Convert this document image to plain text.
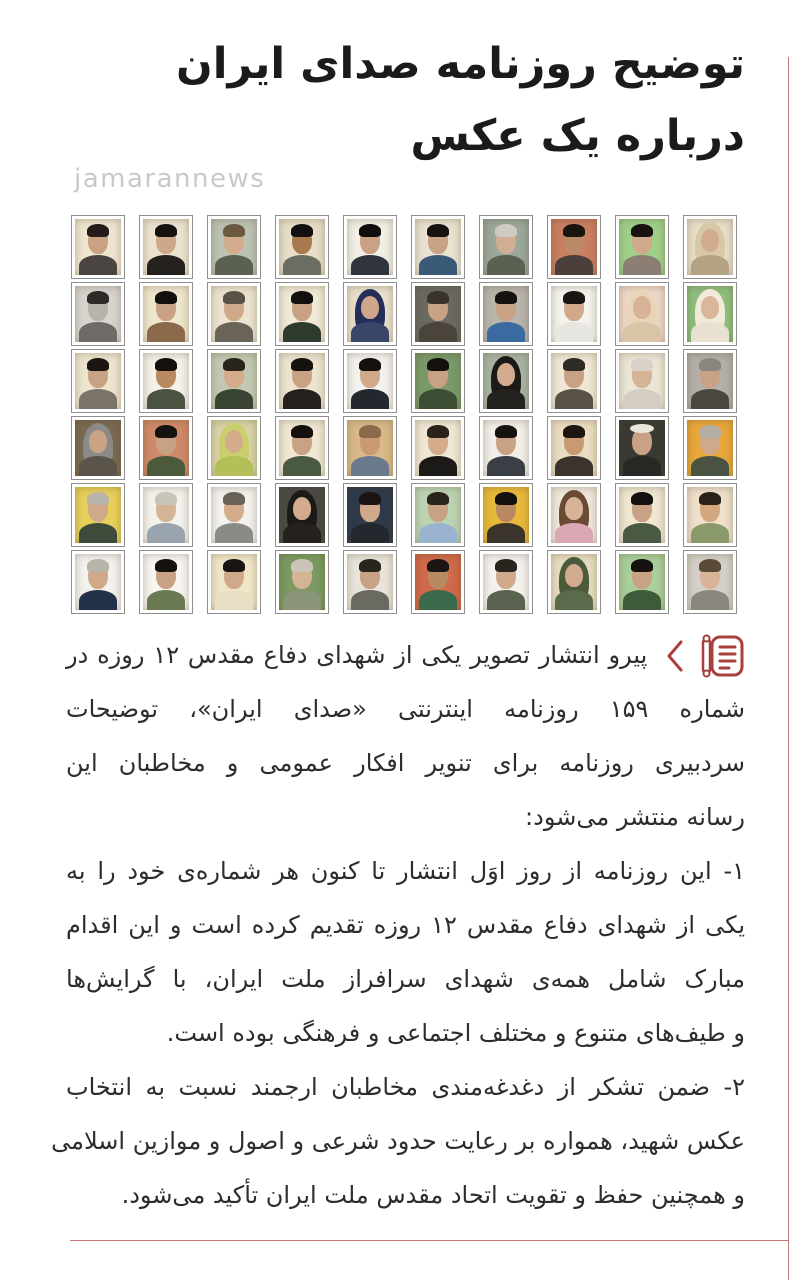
توضیح روزنامه صدای ایران
درباره یک عکس
jamarannews
پیرو انتشار تصویر یکی از شهدای دفاع مقدس ۱۲ روزه در
شماره ۱۵۹ روزنامه اینترنتی «صدای ایران»، توضیحات
سردبیری روزنامه برای تنویر افکار عمومی و مخاطبان این
رسانه منتشر می‌شود:
۱- این روزنامه از روز اوَل انتشار تا کنون هر شماره‌ی خود را به
یکی از شهدای دفاع مقدس ۱۲ روزه تقدیم کرده است و این اقدام
مبارک شامل همه‌ی شهدای سرافراز ملت ایران، با گرایش‌ها
و طیف‌های متنوع و مختلف اجتماعی و فرهنگی بوده است.
۲- ضمن تشکر از دغدغه‌مندی مخاطبان ارجمند نسبت به انتخاب
عکس شهید، همواره بر رعایت حدود شرعی و اصول و موازین اسلامی
و همچنین حفظ و تقویت اتحاد مقدس ملت ایران تأکید می‌شود.
